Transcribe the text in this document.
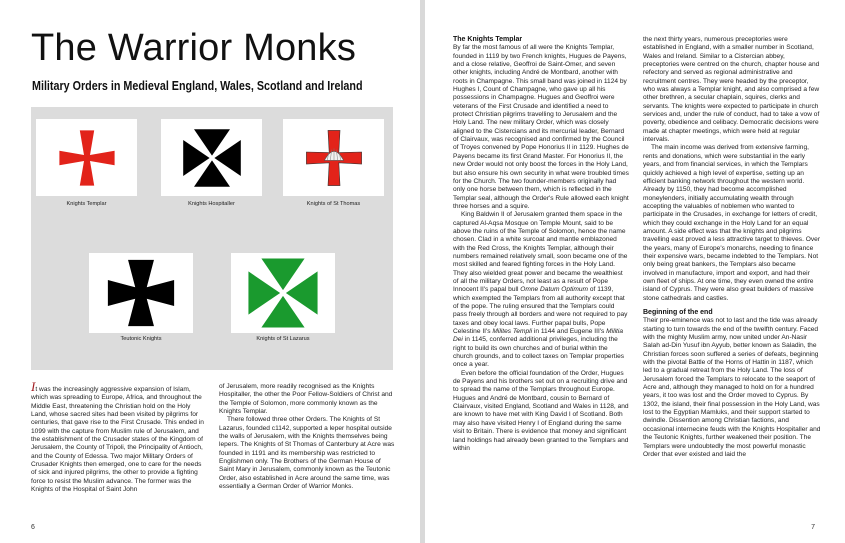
The Warrior Monks
Military Orders in Medieval England, Wales, Scotland and Ireland
Knights Templar	Knights Hospitaller	Knights of St Thomas
Teutonic Knights	Knights of St Lazarus

It was the increasingly aggressive expansion of Islam, which was spreading to Europe, Africa, and throughout the Middle East, threatening the Christian hold on the Holy Land, whose sacred sites had been visited by pilgrims for centuries, that gave rise to the First Crusade. This ended in 1099 with the capture from Muslim rule of Jerusalem, and the establishment of the Crusader states of the Kingdom of Jerusalem, the County of Tripoli, the Principality of Antioch, and the County of Edessa. Two major Military Orders of Crusader Knights then emerged, one to care for the needs of sick and injured pilgrims, the other to provide a fighting force to resist the Muslim advance. The former was the Knights of the Hospital of Saint John

of Jerusalem, more readily recognised as the Knights Hospitaller, the other the Poor Fellow-Soldiers of Christ and the Temple of Solomon, more commonly known as the Knights Templar.

There followed three other Orders. The Knights of St Lazarus, founded c1142, supported a leper hospital outside the walls of Jerusalem, with the Knights themselves being lepers. The Knights of St Thomas of Canterbury at Acre was founded in 1191 and its membership was restricted to Englishmen only. The Brothers of the German House of Saint Mary in Jerusalem, commonly known as the Teutonic Order, also established in Acre around the same time, was essentially a German Order of Warrior Monks.

6

The Knights Templar

By far the most famous of all were the Knights Templar, founded in 1119 by two French knights, Hugues de Payens, and a close relative, Geoffroi de Saint-Omer, and seven other knights, including André de Montbard, another with roots in Champagne. This small band was joined in 1124 by Hughes I, Count of Champagne, who gave up all his possessions in Champagne. Hugues and Geoffroi were veterans of the First Crusade and identified a need to protect Christian pilgrims travelling to Jerusalem and the Holy Land. The new military Order, which was closely aligned to the Cistercians and its mercurial leader, Bernard of Clairvaux, was recognised and confirmed by the Council of Troyes convened by Pope Honorius II in 1129. Hughes de Payens became its first Grand Master. For Honorius II, the new Order would not only boost the forces in the Holy Land, but also ensure his own security in what were troubled times for the Church. The two founder-members originally had only one horse between them, which is reflected in the Templar seal, although the Order's Rule allowed each knight three horses and a squire.

King Baldwin II of Jerusalem granted them space in the captured Al-Aqsa Mosque on Temple Mount, said to be above the ruins of the Temple of Solomon, hence the name chosen. Clad in a white surcoat and mantle emblazoned with the Red Cross, the Knights Templar, although their numbers remained relatively small, soon became one of the most skilled and feared fighting forces in the Holy Land. They also wielded great power and became the wealthiest of all the military Orders, not least as a result of Pope Innocent II's papal bull Omne Datum Optimum of 1139, which exempted the Templars from all authority except that of the pope. The ruling ensured that the Templars could pass freely through all borders and were not required to pay taxes and obey local laws. Further papal bulls, Pope Celestine II's Milites Templi in 1144 and Eugene III's Militia Dei in 1145, conferred additional privileges, including the right to build its own churches and of burial within the church grounds, and to collect taxes on Templar properties once a year.

Even before the official foundation of the Order, Hugues de Payens and his brothers set out on a recruiting drive and to spread the name of the Templars throughout Europe. Hugues and André de Montbard, cousin to Bernard of Clairvaux, visited England, Scotland and Wales in 1128, and are known to have met with King David I of Scotland. Both may also have visited Henry I of England during the same visit to Britain. There is evidence that money and significant land holdings had already been granted to the Templars and within

the next thirty years, numerous preceptories were established in England, with a smaller number in Scotland, Wales and Ireland. Similar to a Cistercian abbey, preceptories were centred on the church, chapter house and refectory and served as regional administrative and recruitment centres. They were headed by the preceptor, who was always a Templar knight, and also comprised a few other brethren, a secular chaplain, squires, clerks and servants. The knights were expected to participate in church services and, under the rule of conduct, had to take a vow of poverty, obedience and celibacy. Democratic decisions were made at chapter meetings, which were held at regular intervals.

The main income was derived from extensive farming, rents and donations, which were substantial in the early years, and from financial services, in which the Templars quickly achieved a high level of expertise, setting up an efficient banking network throughout the western world. Already by 1150, they had become accomplished moneylenders, initially accumulating wealth through accepting the valuables of noblemen who wanted to participate in the Crusades, in exchange for letters of credit, which they could exchange in the Holy Land for an equal amount. A side effect was that the knights and pilgrims travelling east proved a less attractive target to thieves. Over the years, many of Europe's monarchs, needing to finance their expensive wars, became indebted to the Templars. Not only being great bankers, the Templars also became involved in manufacture, import and export, and had their own fleet of ships. At one time, they even owned the entire island of Cyprus. They were also great builders of massive stone cathedrals and castles.

Beginning of the end

Their pre-eminence was not to last and the tide was already starting to turn towards the end of the twelfth century. Faced with the mighty Muslim army, now united under An-Nasir Salah ad-Din Yusuf ibn Ayyub, better known as Saladin, the Christian forces soon suffered a series of defeats, beginning with the pivotal Battle of the Horns of Hattin in 1187, which led to a gradual retreat from the Holy Land. The loss of Jerusalem forced the Templars to relocate to the seaport of Acre and, although they managed to hold on for a hundred years, it too was lost and the Order moved to Cyprus. By 1302, the island, their final possession in the Holy Land, was lost to the Egyptian Mamluks, and their support started to dwindle. Dissention among Christian factions, and occasional internecine feuds with the Knights Hospitaller and the Teutonic Knights, further weakened their position. The Templars were undoubtedly the most powerful monastic Order that ever existed and laid the

7
